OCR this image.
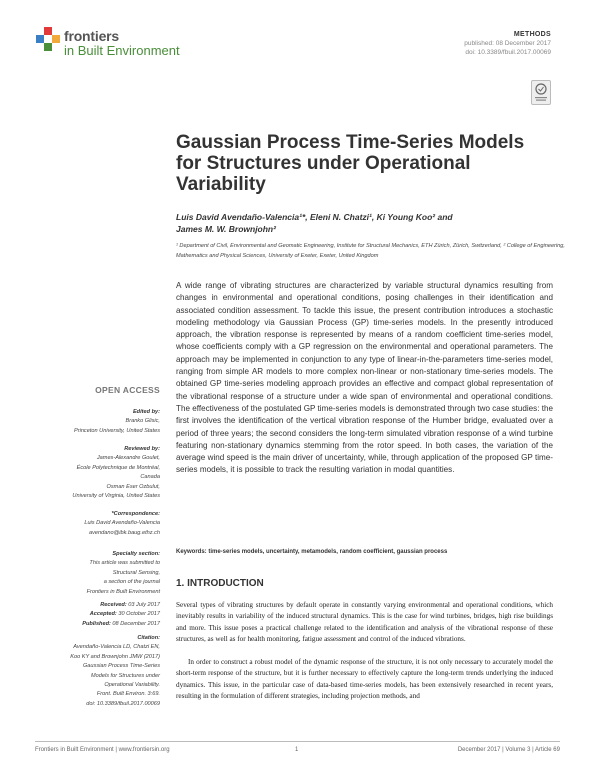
frontiers
in Built Environment
METHODS
published: 08 December 2017
doi: 10.3389/fbuil.2017.00069
Gaussian Process Time-Series Models for Structures under Operational Variability
Luis David Avendaño-Valencia¹*, Eleni N. Chatzi¹, Ki Young Koo² and
James M. W. Brownjohn²
¹ Department of Civil, Environmental and Geomatic Engineering, Institute for Structural Mechanics, ETH Zürich, Zürich, Switzerland, ² College of Engineering, Mathematics and Physical Sciences, University of Exeter, Exeter, United Kingdom
A wide range of vibrating structures are characterized by variable structural dynamics resulting from changes in environmental and operational conditions, posing challenges in their identification and associated condition assessment. To tackle this issue, the present contribution introduces a stochastic modeling methodology via Gaussian Process (GP) time-series models. In the presently introduced approach, the vibration response is represented by means of a random coefficient time-series model, whose coefficients comply with a GP regression on the environmental and operational parameters. The approach may be implemented in conjunction to any type of linear-in-the-parameters time-series model, ranging from simple AR models to more complex non-linear or non-stationary time-series models. The obtained GP time-series modeling approach provides an effective and compact global representation of the vibrational response of a structure under a wide span of environmental and operational conditions. The effectiveness of the postulated GP time-series models is demonstrated through two case studies: the first involves the identification of the vertical vibration response of the Humber bridge, evaluated over a period of three years; the second considers the long-term simulated vibration response of a wind turbine featuring non-stationary dynamics stemming from the rotor speed. In both cases, the variation of the average wind speed is the main driver of uncertainty, while, through application of the proposed GP time-series models, it is possible to track the resulting variation in modal quantities.
Keywords: time-series models, uncertainty, metamodels, random coefficient, gaussian process
OPEN ACCESS
Edited by:
Branko Glisic,
Princeton University, United States
Reviewed by:
James-Alexandre Goulet,
École Polytechnique de Montréal,
Canada
Osman Eser Ozbulut,
University of Virginia, United States
*Correspondence:
Luis David Avendaño-Valencia
avendano@ibk.baug.ethz.ch
Specialty section:
This article was submitted to
Structural Sensing,
a section of the journal
Frontiers in Built Environment
Received: 03 July 2017
Accepted: 30 October 2017
Published: 08 December 2017
Citation:
Avendaño-Valencia LD, Chatzi EN,
Koo KY and Brownjohn JMW (2017)
Gaussian Process Time-Series
Models for Structures under
Operational Variability.
Front. Built Environ. 3:69.
doi: 10.3389/fbuil.2017.00069
1. INTRODUCTION
Several types of vibrating structures by default operate in constantly varying environmental and operational conditions, which inevitably results in variability of the induced structural dynamics. This is the case for wind turbines, bridges, high rise buildings and more. This issue poses a practical challenge related to the identification and analysis of the vibrational response of these structures, as well as for health monitoring, fatigue assessment and control of the induced vibrations.
In order to construct a robust model of the dynamic response of the structure, it is not only necessary to accurately model the short-term response of the structure, but it is further necessary to effectively capture the long-term trends underlying the induced dynamics. This issue, in the particular case of data-based time-series models, has been extensively researched in recent years, resulting in the formulation of different strategies, including projection methods, and
Frontiers in Built Environment | www.frontiersin.org	1	December 2017 | Volume 3 | Article 69
